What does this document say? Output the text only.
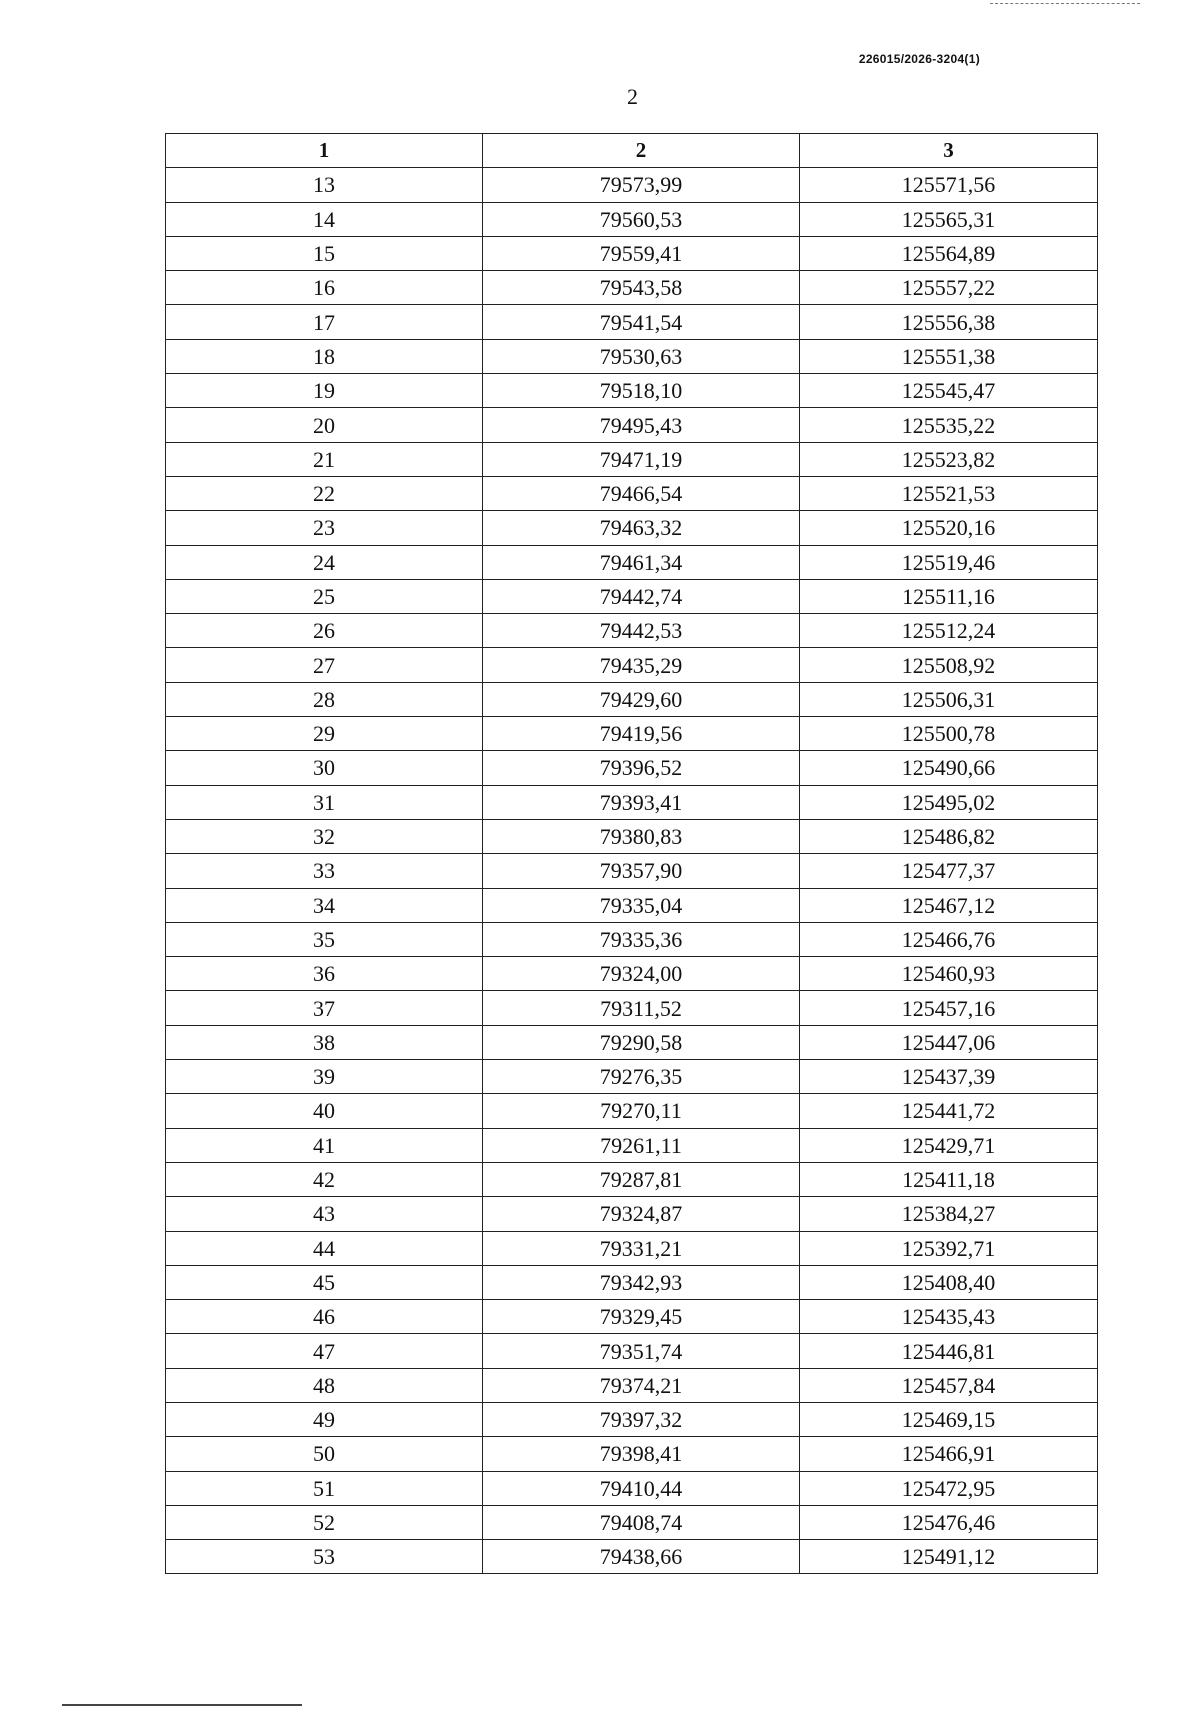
226015/2026-3204(1)
2
1	2	3
13	79573,99	125571,56
14	79560,53	125565,31
15	79559,41	125564,89
16	79543,58	125557,22
17	79541,54	125556,38
18	79530,63	125551,38
19	79518,10	125545,47
20	79495,43	125535,22
21	79471,19	125523,82
22	79466,54	125521,53
23	79463,32	125520,16
24	79461,34	125519,46
25	79442,74	125511,16
26	79442,53	125512,24
27	79435,29	125508,92
28	79429,60	125506,31
29	79419,56	125500,78
30	79396,52	125490,66
31	79393,41	125495,02
32	79380,83	125486,82
33	79357,90	125477,37
34	79335,04	125467,12
35	79335,36	125466,76
36	79324,00	125460,93
37	79311,52	125457,16
38	79290,58	125447,06
39	79276,35	125437,39
40	79270,11	125441,72
41	79261,11	125429,71
42	79287,81	125411,18
43	79324,87	125384,27
44	79331,21	125392,71
45	79342,93	125408,40
46	79329,45	125435,43
47	79351,74	125446,81
48	79374,21	125457,84
49	79397,32	125469,15
50	79398,41	125466,91
51	79410,44	125472,95
52	79408,74	125476,46
53	79438,66	125491,12
